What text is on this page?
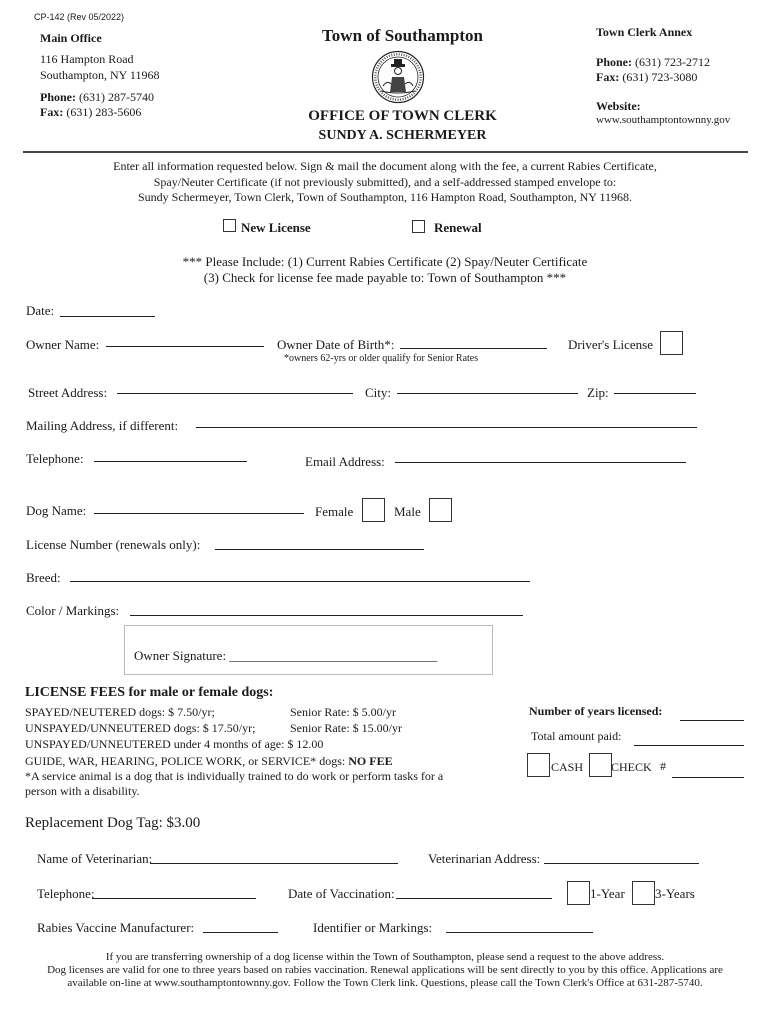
CP-142 (Rev 05/2022)
Main Office
116 Hampton Road
Southampton, NY 11968
Phone: (631) 287-5740
Fax: (631) 283-5606
Town of Southampton
OFFICE OF TOWN CLERK
SUNDY A. SCHERMEYER
Town Clerk Annex
Phone: (631) 723-2712
Fax: (631) 723-3080
Website:
www.southamptontownny.gov
Enter all information requested below. Sign & mail the document along with the fee, a current Rabies Certificate,
Spay/Neuter Certificate (if not previously submitted), and a self-addressed stamped envelope to:
Sundy Schermeyer, Town Clerk, Town of Southampton, 116 Hampton Road, Southampton, NY 11968.
New License	Renewal
*** Please Include: (1) Current Rabies Certificate (2) Spay/Neuter Certificate
(3) Check for license fee made payable to: Town of Southampton ***
Date:
Owner Name:	Owner Date of Birth*:
*owners 62-yrs or older qualify for Senior Rates
Driver's License
Street Address:	City:	Zip:
Mailing Address, if different:
Telephone:	Email Address:
Dog Name:	Female	Male
License Number (renewals only):
Breed:
Color / Markings:
Owner Signature: ________________________________
LICENSE FEES for male or female dogs:
SPAYED/NEUTERED dogs: $ 7.50/yr;	Senior Rate: $ 5.00/yr
UNSPAYED/UNNEUTERED dogs: $ 17.50/yr;	Senior Rate: $ 15.00/yr
UNSPAYED/UNNEUTERED under 4 months of age: $ 12.00
GUIDE, WAR, HEARING, POLICE WORK, or SERVICE* dogs: NO FEE
*A service animal is a dog that is individually trained to do work or perform tasks for a
person with a disability.
Number of years licensed:
Total amount paid:
CASH CHECK #
Replacement Dog Tag: $3.00
Name of Veterinarian:	Veterinarian Address:
Telephone:	Date of Vaccination:	1-Year 3-Years
Rabies Vaccine Manufacturer:	Identifier or Markings:
If you are transferring ownership of a dog license within the Town of Southampton, please send a request to the above address.
Dog licenses are valid for one to three years based on rabies vaccination. Renewal applications will be sent directly to you by this office. Applications are
available on-line at www.southamptontownny.gov. Follow the Town Clerk link. Questions, please call the Town Clerk's Office at 631-287-5740.
